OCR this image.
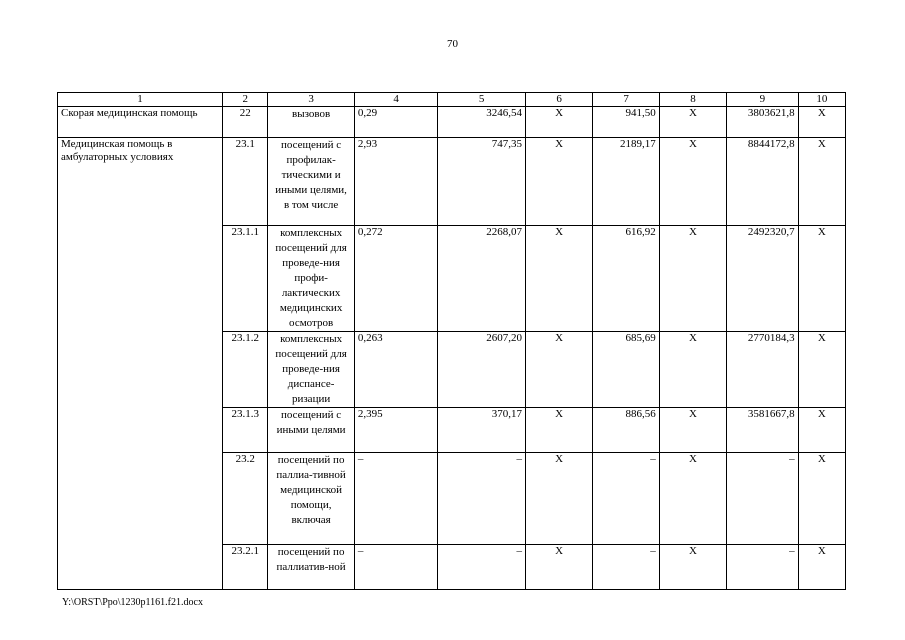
70
1	2	3	4	5	6	7	8	9	10
Скорая медицинская помощь	22	вызовов	0,29	3246,54	Х	941,50	Х	3803621,8	Х
Медицинская помощь в амбулаторных условиях	23.1	посещений с профилак-тическими и иными целями, в том числе	2,93	747,35	Х	2189,17	Х	8844172,8	Х
	23.1.1	комплексных посещений для проведе-ния профи-лактических медицинских осмотров	0,272	2268,07	Х	616,92	Х	2492320,7	Х
	23.1.2	комплексных посещений для проведе-ния диспансе-ризации	0,263	2607,20	Х	685,69	Х	2770184,3	Х
	23.1.3	посещений с иными целями	2,395	370,17	Х	886,56	Х	3581667,8	Х
	23.2	посещений по паллиа-тивной медицинской помощи, включая	–	–	Х	–	Х	–	Х
	23.2.1	посещений по паллиатив-ной	–	–	Х	–	Х	–	Х
Y:\ORST\Ppo\1230p1161.f21.docx
